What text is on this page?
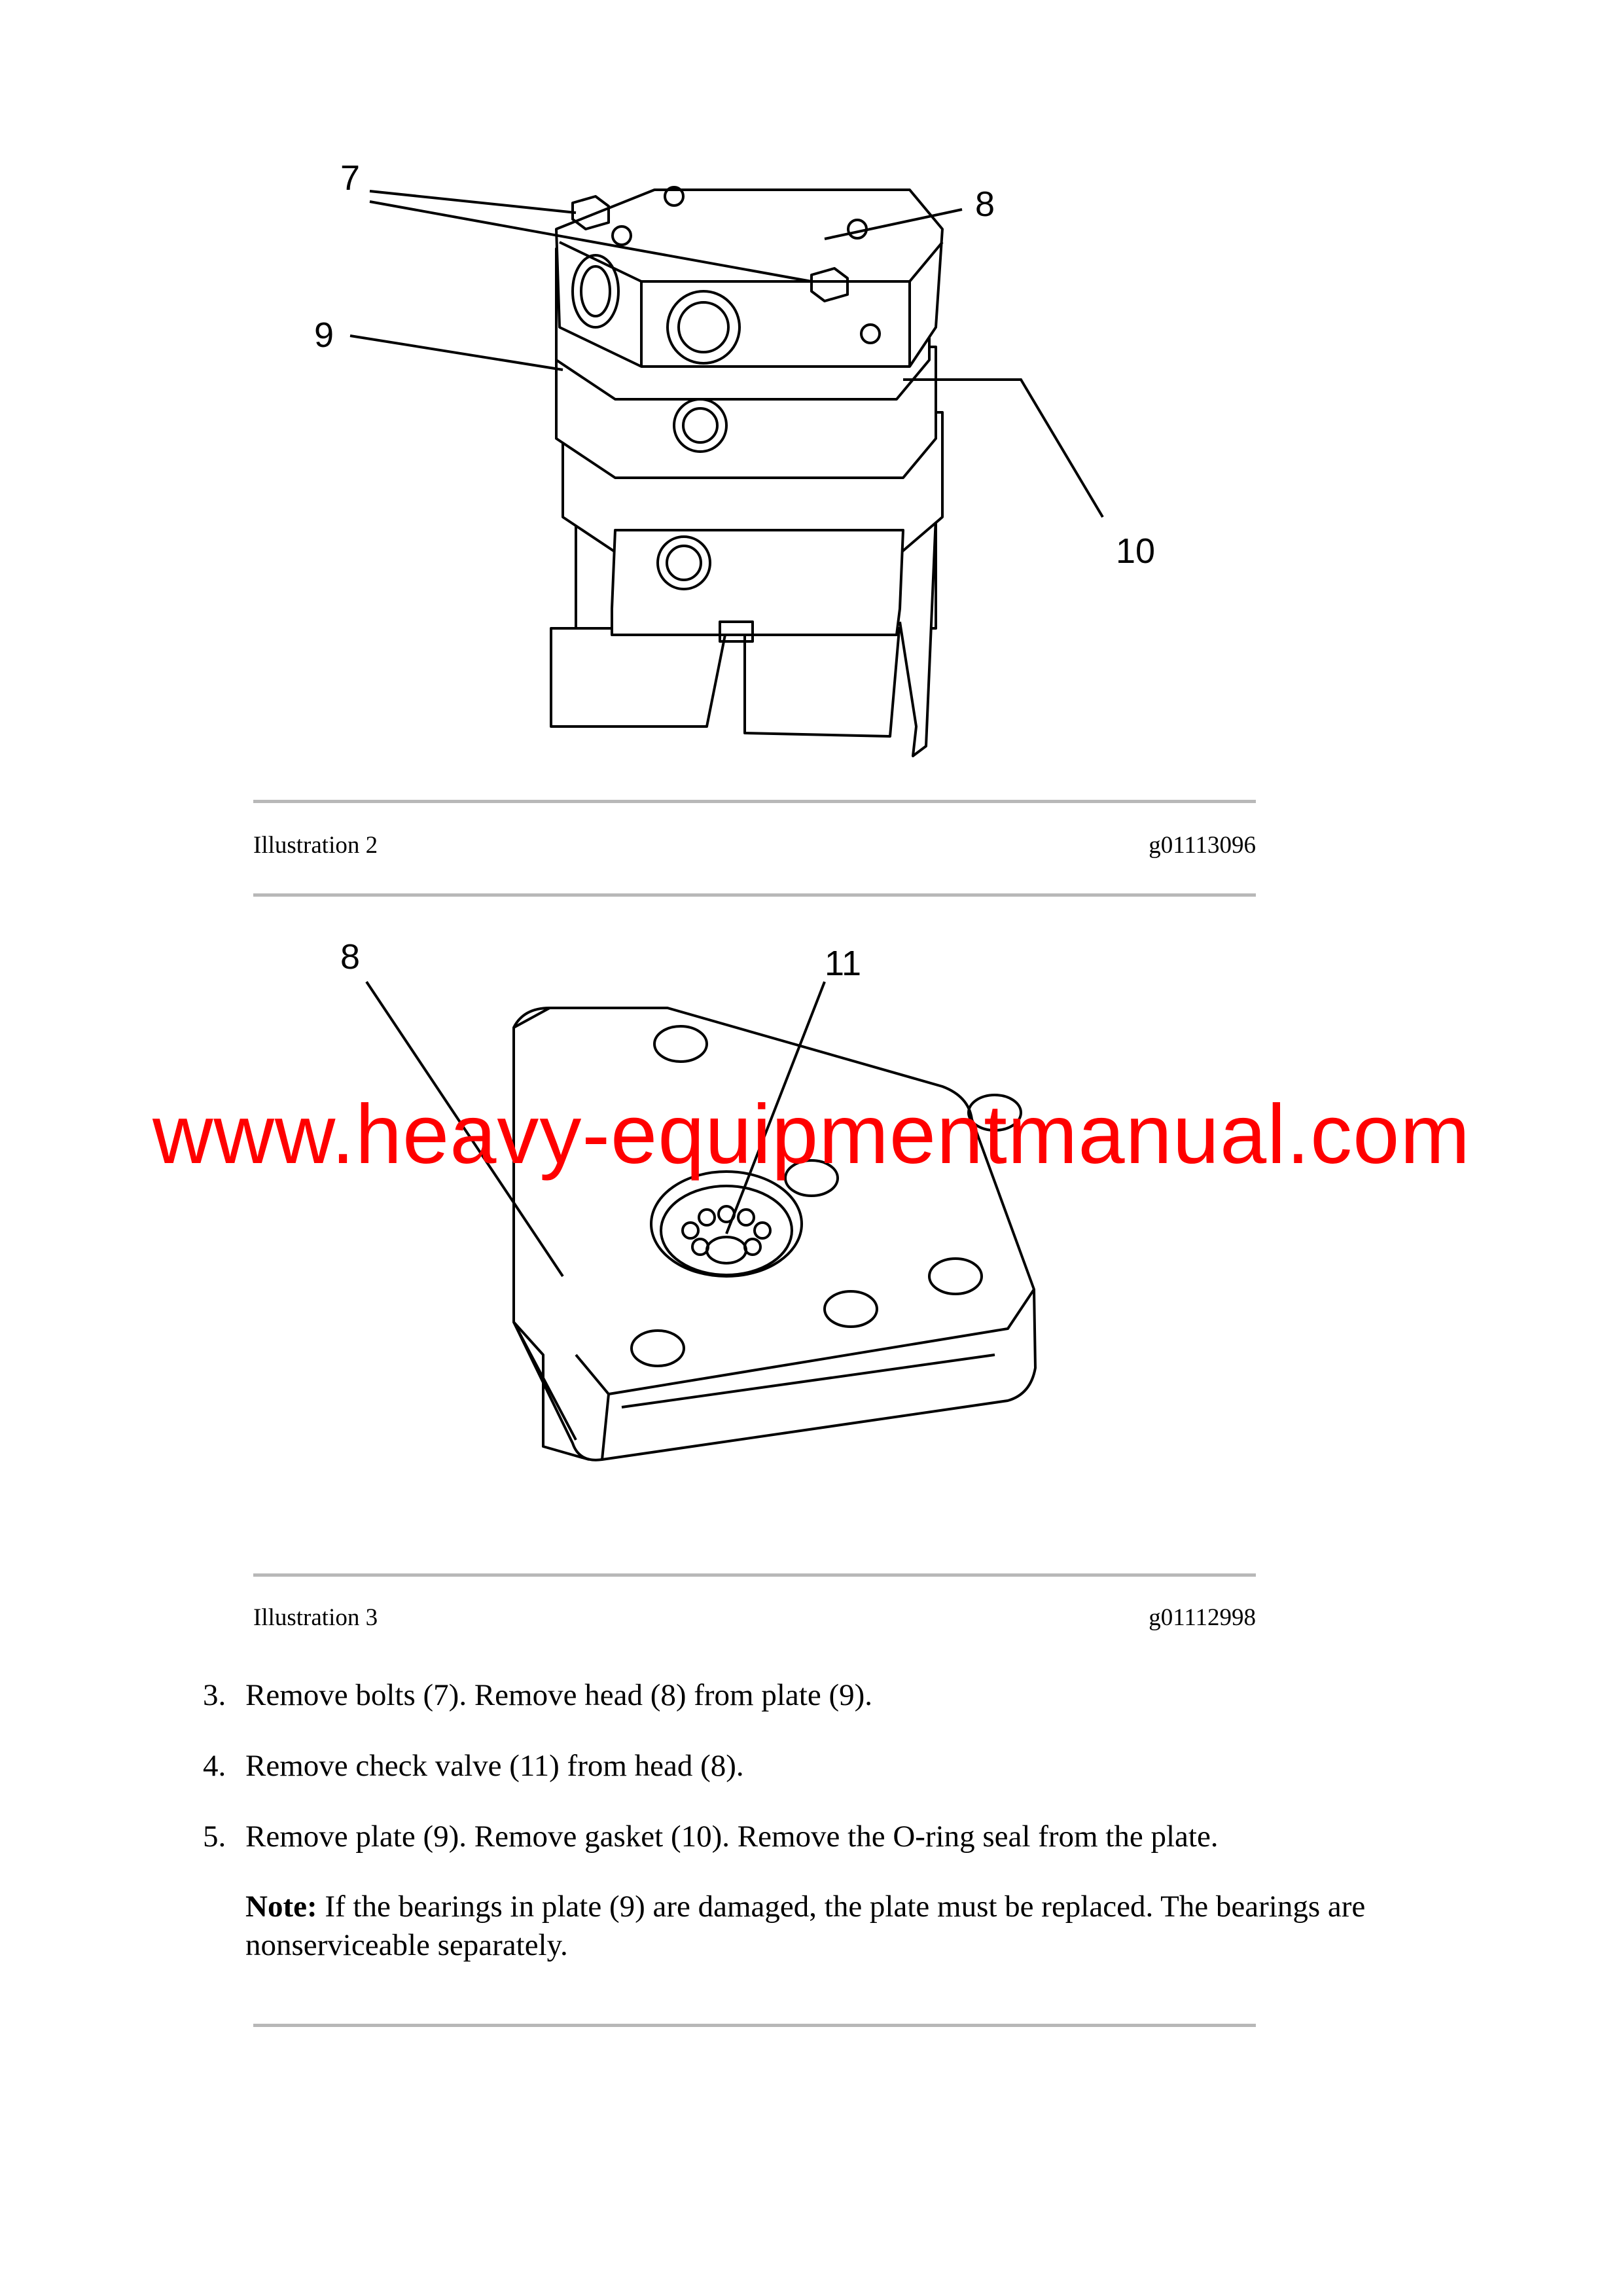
7
8
9
10
Illustration 2	g01113096
8	11
www.heavy-equipmentmanual.com
Illustration 3	g01112998
3. Remove bolts (7). Remove head (8) from plate (9).
4. Remove check valve (11) from head (8).
5. Remove plate (9). Remove gasket (10). Remove the O-ring seal from the plate.
Note: If the bearings in plate (9) are damaged, the plate must be replaced. The bearings are nonserviceable separately.
